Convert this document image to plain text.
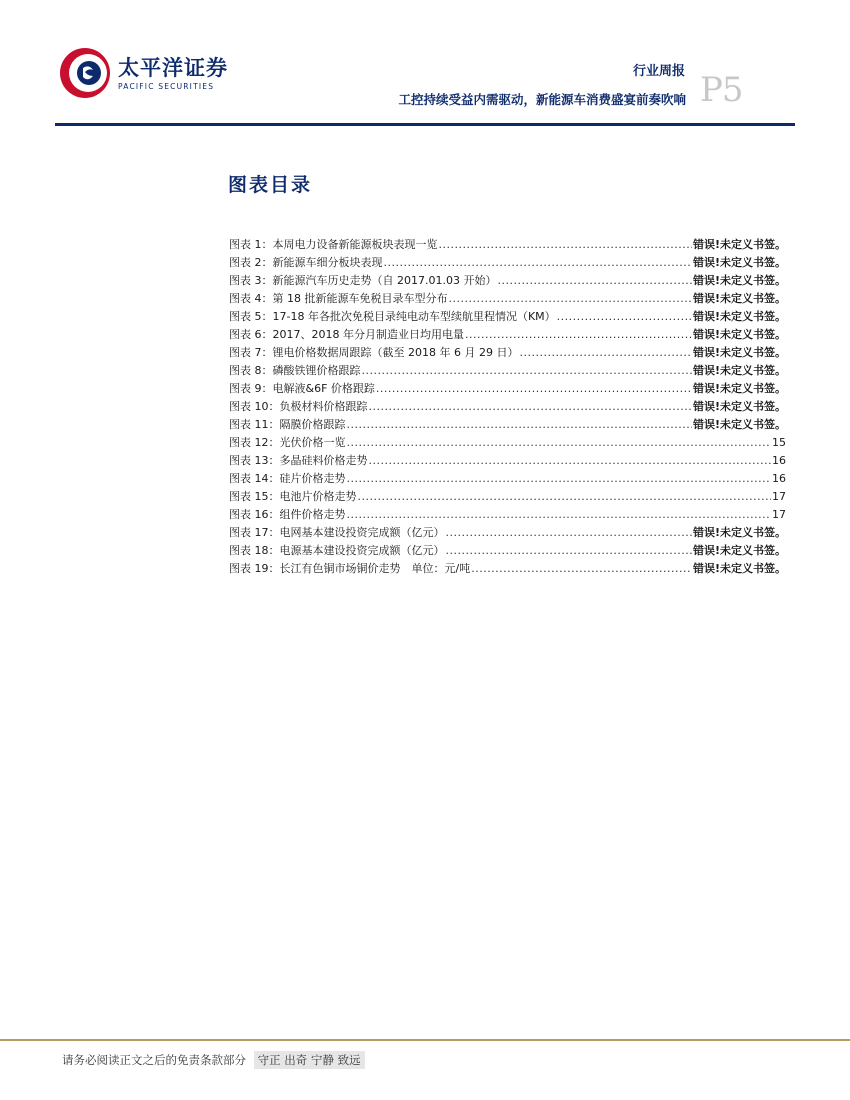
太平洋证券
PACIFIC SECURITIES
行业周报
工控持续受益内需驱动，新能源车消费盛宴前奏吹响 P5
图表目录
图表 1：本周电力设备新能源板块表现一览 .....	错误!未定义书签。
图表 2：新能源车细分板块表现 .....	错误!未定义书签。
图表 3：新能源汽车历史走势（自 2017.01.03 开始） .....	错误!未定义书签。
图表 4：第 18 批新能源车免税目录车型分布 .....	错误!未定义书签。
图表 5：17-18 年各批次免税目录纯电动车型续航里程情况（KM） .....	错误!未定义书签。
图表 6：2017、2018 年分月制造业日均用电量 .....	错误!未定义书签。
图表 7：锂电价格数据周跟踪（截至 2018 年 6 月 29 日） .....	错误!未定义书签。
图表 8：磷酸铁锂价格跟踪 .....	错误!未定义书签。
图表 9：电解液&6F 价格跟踪 .....	错误!未定义书签。
图表 10：负极材料价格跟踪 .....	错误!未定义书签。
图表 11：隔膜价格跟踪 .....	错误!未定义书签。
图表 12：光伏价格一览 .....	15
图表 13：多晶硅料价格走势 .....	16
图表 14：硅片价格走势 .....	16
图表 15：电池片价格走势 .....	17
图表 16：组件价格走势 .....	17
图表 17：电网基本建设投资完成额（亿元） .....	错误!未定义书签。
图表 18：电源基本建设投资完成额（亿元） .....	错误!未定义书签。
图表 19：长江有色铜市场铜价走势　单位：元/吨 .....	错误!未定义书签。
请务必阅读正文之后的免责条款部分 守正 出奇 宁静 致远
